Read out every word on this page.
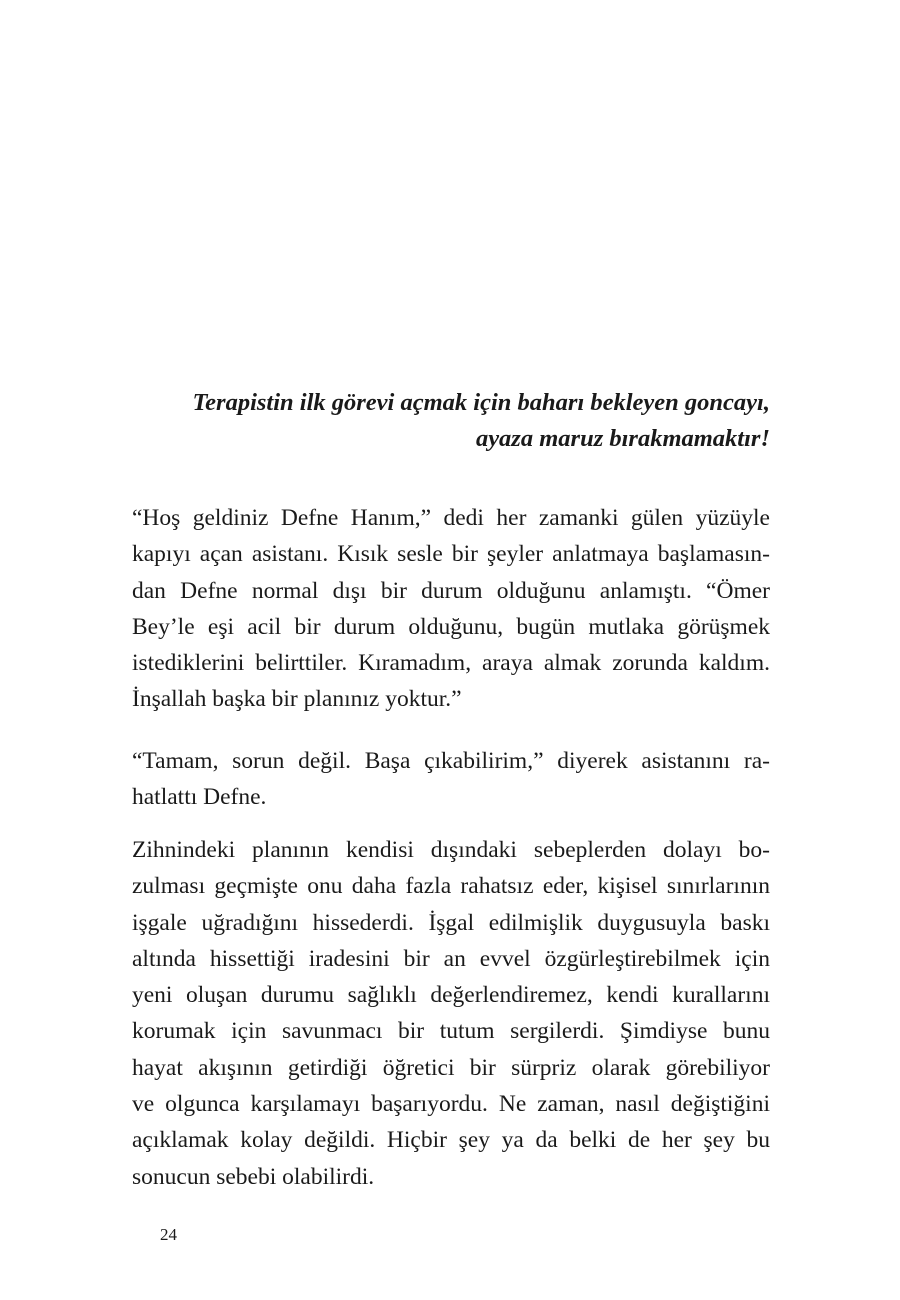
Terapistin ilk görevi açmak için baharı bekleyen goncayı,
ayaza maruz bırakmamaktır!

“Hoş geldiniz Defne Hanım,” dedi her zamanki gülen yüzüyle
kapıyı açan asistanı. Kısık sesle bir şeyler anlatmaya başlamasın-
dan Defne normal dışı bir durum olduğunu anlamıştı. “Ömer
Bey’le eşi acil bir durum olduğunu, bugün mutlaka görüşmek
istediklerini belirttiler. Kıramadım, araya almak zorunda kaldım.
İnşallah başka bir planınız yoktur.”

“Tamam, sorun değil. Başa çıkabilirim,” diyerek asistanını ra-
hatlattı Defne.

Zihnindeki planının kendisi dışındaki sebeplerden dolayı bo-
zulması geçmişte onu daha fazla rahatsız eder, kişisel sınırlarının
işgale uğradığını hissederdi. İşgal edilmişlik duygusuyla baskı
altında hissettiği iradesini bir an evvel özgürleştirebilmek için
yeni oluşan durumu sağlıklı değerlendiremez, kendi kurallarını
korumak için savunmacı bir tutum sergilerdi. Şimdiyse bunu
hayat akışının getirdiği öğretici bir sürpriz olarak görebiliyor
ve olgunca karşılamayı başarıyordu. Ne zaman, nasıl değiştiğini
açıklamak kolay değildi. Hiçbir şey ya da belki de her şey bu
sonucun sebebi olabilirdi.

24
